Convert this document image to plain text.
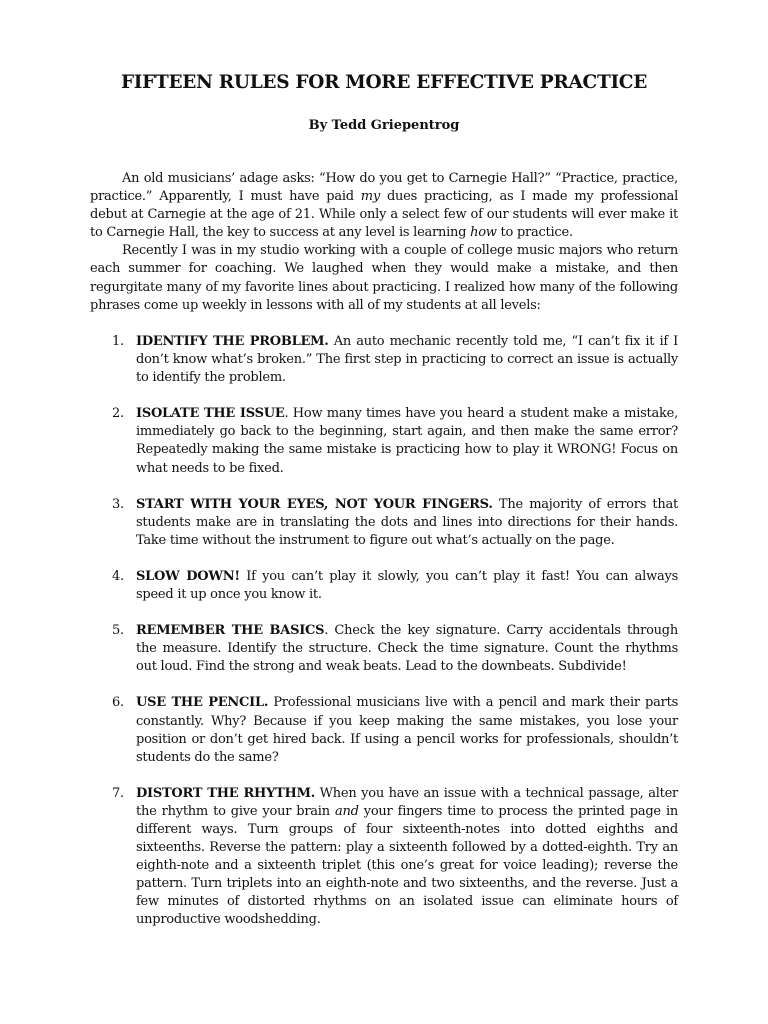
FIFTEEN RULES FOR MORE EFFECTIVE PRACTICE

By Tedd Griepentrog

An old musicians’ adage asks: “How do you get to Carnegie Hall?” “Practice, practice, practice.” Apparently, I must have paid my dues practicing, as I made my professional debut at Carnegie at the age of 21. While only a select few of our students will ever make it to Carnegie Hall, the key to success at any level is learning how to practice.

Recently I was in my studio working with a couple of college music majors who return each summer for coaching. We laughed when they would make a mistake, and then regurgitate many of my favorite lines about practicing. I realized how many of the following phrases come up weekly in lessons with all of my students at all levels:

1. IDENTIFY THE PROBLEM. An auto mechanic recently told me, “I can’t fix it if I don’t know what’s broken.” The first step in practicing to correct an issue is actually to identify the problem.
2. ISOLATE THE ISSUE. How many times have you heard a student make a mistake, immediately go back to the beginning, start again, and then make the same error? Repeatedly making the same mistake is practicing how to play it WRONG! Focus on what needs to be fixed.
3. START WITH YOUR EYES, NOT YOUR FINGERS. The majority of errors that students make are in translating the dots and lines into directions for their hands. Take time without the instrument to figure out what’s actually on the page.
4. SLOW DOWN! If you can’t play it slowly, you can’t play it fast! You can always speed it up once you know it.
5. REMEMBER THE BASICS. Check the key signature. Carry accidentals through the measure. Identify the structure. Check the time signature. Count the rhythms out loud. Find the strong and weak beats. Lead to the downbeats. Subdivide!
6. USE THE PENCIL. Professional musicians live with a pencil and mark their parts constantly. Why? Because if you keep making the same mistakes, you lose your position or don’t get hired back. If using a pencil works for professionals, shouldn’t students do the same?
7. DISTORT THE RHYTHM. When you have an issue with a technical passage, alter the rhythm to give your brain and your fingers time to process the printed page in different ways. Turn groups of four sixteenth-notes into dotted eighths and sixteenths. Reverse the pattern: play a sixteenth followed by a dotted-eighth. Try an eighth-note and a sixteenth triplet (this one’s great for voice leading); reverse the pattern. Turn triplets into an eighth-note and two sixteenths, and the reverse. Just a few minutes of distorted rhythms on an isolated issue can eliminate hours of unproductive woodshedding.
